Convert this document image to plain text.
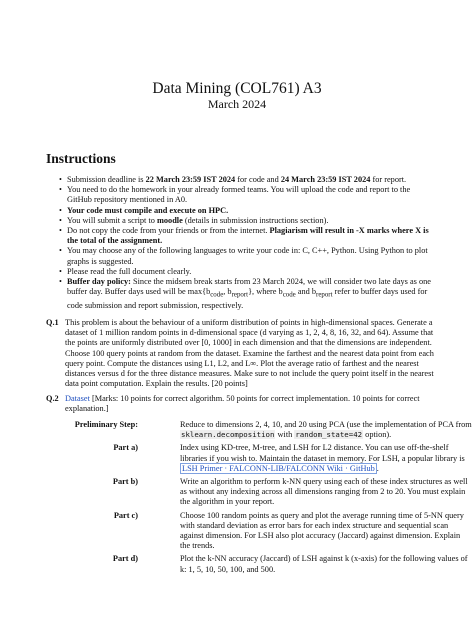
Data Mining (COL761) A3
March 2024
Instructions
• Submission deadline is 22 March 23:59 IST 2024 for code and 24 March 23:59 IST 2024 for report.
• You need to do the homework in your already formed teams. You will upload the code and report to the GitHub repository mentioned in A0.
• Your code must compile and execute on HPC.
• You will submit a script to moodle (details in submission instructions section).
• Do not copy the code from your friends or from the internet. Plagiarism will result in -X marks where X is the total of the assignment.
• You may choose any of the following languages to write your code in: C, C++, Python. Using Python to plot graphs is suggested.
• Please read the full document clearly.
• Buffer day policy: Since the midsem break starts from 23 March 2024, we will consider two late days as one buffer day. Buffer days used will be $\max\{b_{code}$, $b_{report}$}, where $b_{code}$ and $b_{report}$ refer to buffer days used for code submission and report submission, respectively.
Q.1 This problem is about the behaviour of a uniform distribution of points in high-dimensional spaces. Generate a dataset of 1 million random points in d-dimensional space (d varying as 1, 2, 4, 8, 16, 32, and 64). Assume that the points are uniformly distributed over [0, 1000] in each dimension and that the dimensions are independent. Choose 100 query points at random from the dataset. Examine the farthest and the nearest data point from each query point. Compute the distances using L1, L2, and L∞. Plot the average ratio of farthest and the nearest distances versus d for the three distance measures. Make sure to not include the query point itself in the nearest data point computation. Explain the results. [20 points]
Q.2 Dataset [Marks: 10 points for correct algorithm. 50 points for correct implementation. 10 points for correct explanation.]
Preliminary Step:	Reduce to dimensions 2, 4, 10, and 20 using PCA (use the implementation of PCA from sklearn.decomposition with random_state=42 option).
Part a)	Index using KD-tree, M-tree, and LSH for L2 distance. You can use off-the-shelf libraries if you wish to. Maintain the dataset in memory. For LSH, a popular library is LSH Primer · FALCONN-LIB/FALCONN Wiki · GitHub .
Part b)	Write an algorithm to perform k-NN query using each of these index structures as well as without any indexing across all dimensions ranging from 2 to 20. You must explain the algorithm in your report.
Part c)	Choose 100 random points as query and plot the average running time of 5-NN query with standard deviation as error bars for each index structure and sequential scan against dimension. For LSH also plot accuracy (Jaccard) against dimension. Explain the trends.
Part d)	Plot the k-NN accuracy (Jaccard) of LSH against k (x-axis) for the following values of k: 1, 5, 10, 50, 100, and 500.
